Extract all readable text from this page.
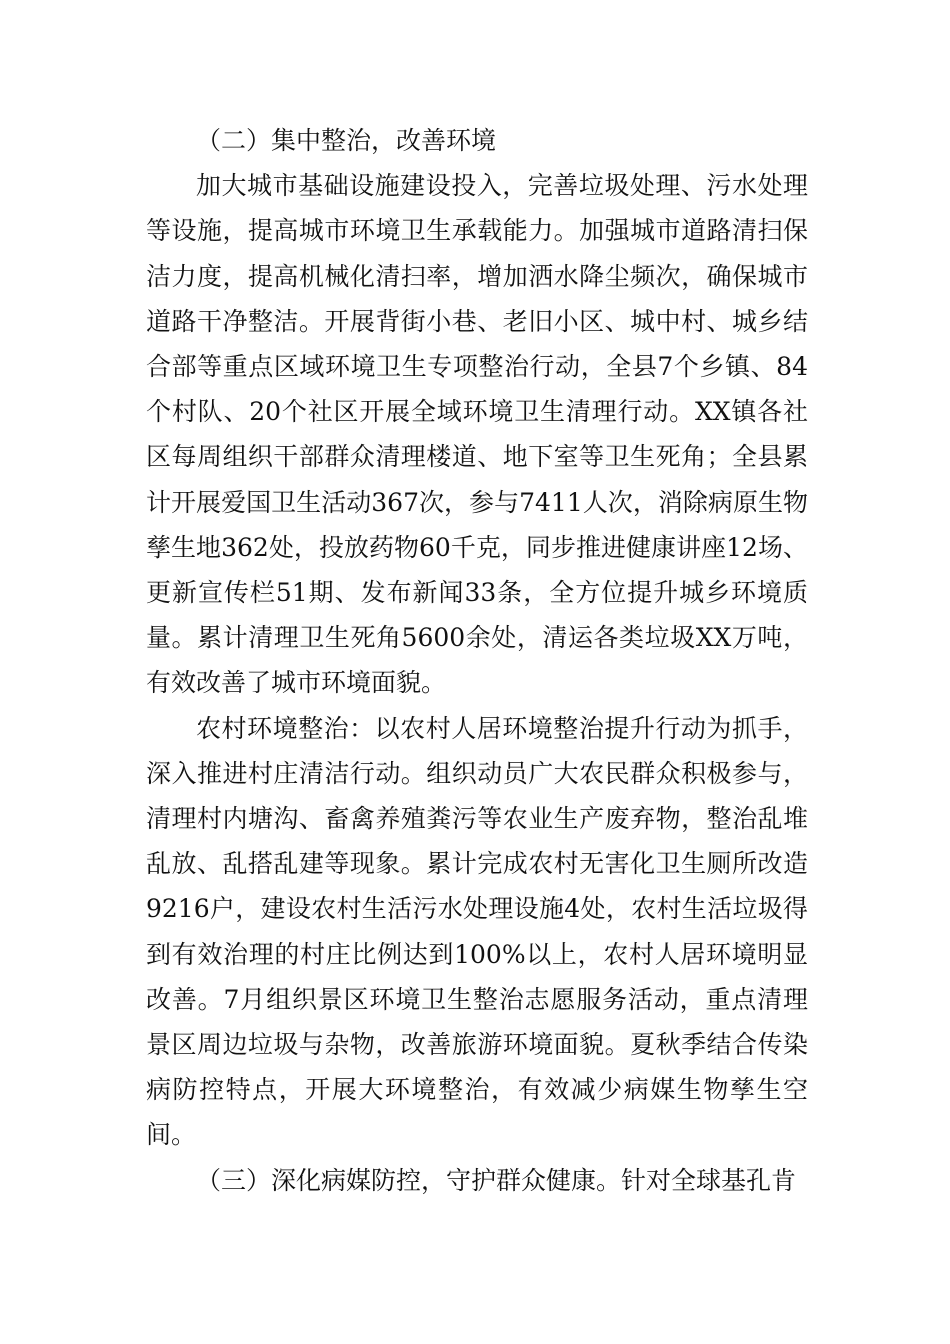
（二）集中整治，改善环境

加大城市基础设施建设投入，完善垃圾处理、污水处理等设施，提高城市环境卫生承载能力。加强城市道路清扫保洁力度，提高机械化清扫率，增加洒水降尘频次，确保城市道路干净整洁。开展背街小巷、老旧小区、城中村、城乡结合部等重点区域环境卫生专项整治行动，全县7个乡镇、84个村队、20个社区开展全域环境卫生清理行动。XX镇各社区每周组织干部群众清理楼道、地下室等卫生死角；全县累计开展爱国卫生活动367次，参与7411人次，消除病原生物孳生地362处，投放药物60千克，同步推进健康讲座12场、更新宣传栏51期、发布新闻33条，全方位提升城乡环境质量。累计清理卫生死角5600余处，清运各类垃圾XX万吨，有效改善了城市环境面貌。

农村环境整治：以农村人居环境整治提升行动为抓手，深入推进村庄清洁行动。组织动员广大农民群众积极参与，清理村内塘沟、畜禽养殖粪污等农业生产废弃物，整治乱堆乱放、乱搭乱建等现象。累计完成农村无害化卫生厕所改造9216户，建设农村生活污水处理设施4处，农村生活垃圾得到有效治理的村庄比例达到100%以上，农村人居环境明显改善。7月组织景区环境卫生整治志愿服务活动，重点清理景区周边垃圾与杂物，改善旅游环境面貌。夏秋季结合传染病防控特点，开展大环境整治，有效减少病媒生物孳生空间。

（三）深化病媒防控，守护群众健康。针对全球基孔肯
